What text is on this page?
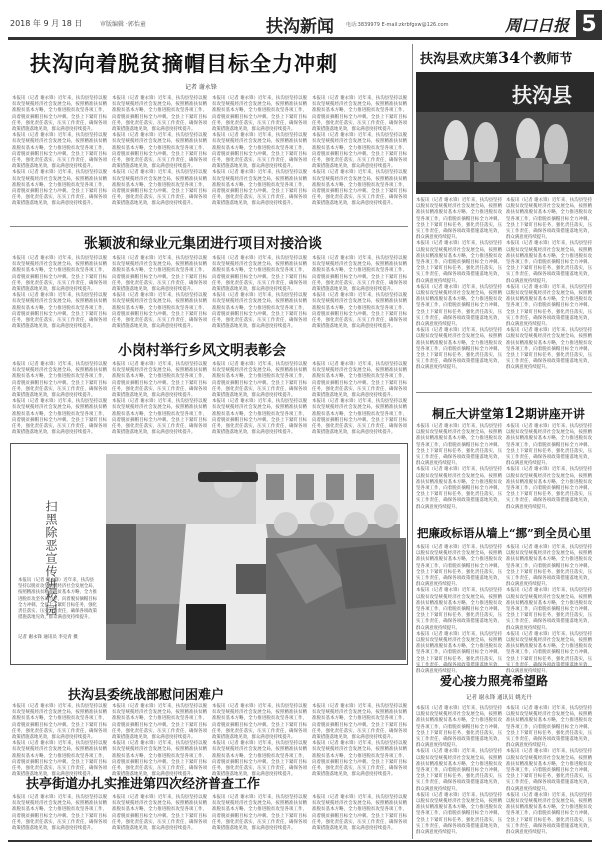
2018 年 9 月 18 日	审版编辑 ·郭怡童	扶沟新闻 电话:3839979 E-mail:zkrbfgxw@126.com	周口日报 5
扶沟向着脱贫摘帽目标全力冲刺
记者 谢永锋

本报讯（记者 谢永锋）近年来，扶沟县坚持以脱贫攻坚统揽经济社会发展全局，按照精准扶贫精准脱贫基本方略，全力推进脱贫攻坚各项工作，向着脱贫摘帽目标全力冲刺。全县上下紧盯目标任务，强化责任落实，压实工作责任，确保各项政策措施落地见效，群众满意度持续提升。

本报讯（记者 谢永锋）近年来，扶沟县坚持以脱贫攻坚统揽经济社会发展全局，按照精准扶贫精准脱贫基本方略，全力推进脱贫攻坚各项工作，向着脱贫摘帽目标全力冲刺。全县上下紧盯目标任务，强化责任落实，压实工作责任，确保各项政策措施落地见效，群众满意度持续提升。

本报讯（记者 谢永锋）近年来，扶沟县坚持以脱贫攻坚统揽经济社会发展全局，按照精准扶贫精准脱贫基本方略，全力推进脱贫攻坚各项工作，向着脱贫摘帽目标全力冲刺。全县上下紧盯目标任务，强化责任落实，压实工作责任，确保各项政策措施落地见效，群众满意度持续提升。

本报讯（记者 谢永锋）近年来，扶沟县坚持以脱贫攻坚统揽经济社会发展全局，按照精准扶贫精准脱贫基本方略，全力推进脱贫攻坚各项工作，向着脱贫摘帽目标全力冲刺。全县上下紧盯目标任务，强化责任落实，压实工作责任，确保各项政策措施落地见效，群众满意度持续提升。

本报讯（记者 谢永锋）近年来，扶沟县坚持以脱贫攻坚统揽经济社会发展全局，按照精准扶贫精准脱贫基本方略，全力推进脱贫攻坚各项工作，向着脱贫摘帽目标全力冲刺。全县上下紧盯目标任务，强化责任落实，压实工作责任，确保各项政策措施落地见效，群众满意度持续提升。

本报讯（记者 谢永锋）近年来，扶沟县坚持以脱贫攻坚统揽经济社会发展全局，按照精准扶贫精准脱贫基本方略，全力推进脱贫攻坚各项工作，向着脱贫摘帽目标全力冲刺。全县上下紧盯目标任务，强化责任落实，压实工作责任，确保各项政策措施落地见效，群众满意度持续提升。

本报讯（记者 谢永锋）近年来，扶沟县坚持以脱贫攻坚统揽经济社会发展全局，按照精准扶贫精准脱贫基本方略，全力推进脱贫攻坚各项工作，向着脱贫摘帽目标全力冲刺。全县上下紧盯目标任务，强化责任落实，压实工作责任，确保各项政策措施落地见效，群众满意度持续提升。

本报讯（记者 谢永锋）近年来，扶沟县坚持以脱贫攻坚统揽经济社会发展全局，按照精准扶贫精准脱贫基本方略，全力推进脱贫攻坚各项工作，向着脱贫摘帽目标全力冲刺。全县上下紧盯目标任务，强化责任落实，压实工作责任，确保各项政策措施落地见效，群众满意度持续提升。

本报讯（记者 谢永锋）近年来，扶沟县坚持以脱贫攻坚统揽经济社会发展全局，按照精准扶贫精准脱贫基本方略，全力推进脱贫攻坚各项工作，向着脱贫摘帽目标全力冲刺。全县上下紧盯目标任务，强化责任落实，压实工作责任，确保各项政策措施落地见效，群众满意度持续提升。

本报讯（记者 谢永锋）近年来，扶沟县坚持以脱贫攻坚统揽经济社会发展全局，按照精准扶贫精准脱贫基本方略，全力推进脱贫攻坚各项工作，向着脱贫摘帽目标全力冲刺。全县上下紧盯目标任务，强化责任落实，压实工作责任，确保各项政策措施落地见效，群众满意度持续提升。

本报讯（记者 谢永锋）近年来，扶沟县坚持以脱贫攻坚统揽经济社会发展全局，按照精准扶贫精准脱贫基本方略，全力推进脱贫攻坚各项工作，向着脱贫摘帽目标全力冲刺。全县上下紧盯目标任务，强化责任落实，压实工作责任，确保各项政策措施落地见效，群众满意度持续提升。

本报讯（记者 谢永锋）近年来，扶沟县坚持以脱贫攻坚统揽经济社会发展全局，按照精准扶贫精准脱贫基本方略，全力推进脱贫攻坚各项工作，向着脱贫摘帽目标全力冲刺。全县上下紧盯目标任务，强化责任落实，压实工作责任，确保各项政策措施落地见效，群众满意度持续提升。

张颖波和绿业元集团进行项目对接洽谈

本报讯（记者 谢永锋）近年来，扶沟县坚持以脱贫攻坚统揽经济社会发展全局，按照精准扶贫精准脱贫基本方略，全力推进脱贫攻坚各项工作，向着脱贫摘帽目标全力冲刺。全县上下紧盯目标任务，强化责任落实，压实工作责任，确保各项政策措施落地见效，群众满意度持续提升。

本报讯（记者 谢永锋）近年来，扶沟县坚持以脱贫攻坚统揽经济社会发展全局，按照精准扶贫精准脱贫基本方略，全力推进脱贫攻坚各项工作，向着脱贫摘帽目标全力冲刺。全县上下紧盯目标任务，强化责任落实，压实工作责任，确保各项政策措施落地见效，群众满意度持续提升。

本报讯（记者 谢永锋）近年来，扶沟县坚持以脱贫攻坚统揽经济社会发展全局，按照精准扶贫精准脱贫基本方略，全力推进脱贫攻坚各项工作，向着脱贫摘帽目标全力冲刺。全县上下紧盯目标任务，强化责任落实，压实工作责任，确保各项政策措施落地见效，群众满意度持续提升。

本报讯（记者 谢永锋）近年来，扶沟县坚持以脱贫攻坚统揽经济社会发展全局，按照精准扶贫精准脱贫基本方略，全力推进脱贫攻坚各项工作，向着脱贫摘帽目标全力冲刺。全县上下紧盯目标任务，强化责任落实，压实工作责任，确保各项政策措施落地见效，群众满意度持续提升。

本报讯（记者 谢永锋）近年来，扶沟县坚持以脱贫攻坚统揽经济社会发展全局，按照精准扶贫精准脱贫基本方略，全力推进脱贫攻坚各项工作，向着脱贫摘帽目标全力冲刺。全县上下紧盯目标任务，强化责任落实，压实工作责任，确保各项政策措施落地见效，群众满意度持续提升。

本报讯（记者 谢永锋）近年来，扶沟县坚持以脱贫攻坚统揽经济社会发展全局，按照精准扶贫精准脱贫基本方略，全力推进脱贫攻坚各项工作，向着脱贫摘帽目标全力冲刺。全县上下紧盯目标任务，强化责任落实，压实工作责任，确保各项政策措施落地见效，群众满意度持续提升。

本报讯（记者 谢永锋）近年来，扶沟县坚持以脱贫攻坚统揽经济社会发展全局，按照精准扶贫精准脱贫基本方略，全力推进脱贫攻坚各项工作，向着脱贫摘帽目标全力冲刺。全县上下紧盯目标任务，强化责任落实，压实工作责任，确保各项政策措施落地见效，群众满意度持续提升。

本报讯（记者 谢永锋）近年来，扶沟县坚持以脱贫攻坚统揽经济社会发展全局，按照精准扶贫精准脱贫基本方略，全力推进脱贫攻坚各项工作，向着脱贫摘帽目标全力冲刺。全县上下紧盯目标任务，强化责任落实，压实工作责任，确保各项政策措施落地见效，群众满意度持续提升。

小岗村举行乡风文明表彰会

本报讯（记者 谢永锋）近年来，扶沟县坚持以脱贫攻坚统揽经济社会发展全局，按照精准扶贫精准脱贫基本方略，全力推进脱贫攻坚各项工作，向着脱贫摘帽目标全力冲刺。全县上下紧盯目标任务，强化责任落实，压实工作责任，确保各项政策措施落地见效，群众满意度持续提升。

本报讯（记者 谢永锋）近年来，扶沟县坚持以脱贫攻坚统揽经济社会发展全局，按照精准扶贫精准脱贫基本方略，全力推进脱贫攻坚各项工作，向着脱贫摘帽目标全力冲刺。全县上下紧盯目标任务，强化责任落实，压实工作责任，确保各项政策措施落地见效，群众满意度持续提升。

本报讯（记者 谢永锋）近年来，扶沟县坚持以脱贫攻坚统揽经济社会发展全局，按照精准扶贫精准脱贫基本方略，全力推进脱贫攻坚各项工作，向着脱贫摘帽目标全力冲刺。全县上下紧盯目标任务，强化责任落实，压实工作责任，确保各项政策措施落地见效，群众满意度持续提升。

本报讯（记者 谢永锋）近年来，扶沟县坚持以脱贫攻坚统揽经济社会发展全局，按照精准扶贫精准脱贫基本方略，全力推进脱贫攻坚各项工作，向着脱贫摘帽目标全力冲刺。全县上下紧盯目标任务，强化责任落实，压实工作责任，确保各项政策措施落地见效，群众满意度持续提升。

本报讯（记者 谢永锋）近年来，扶沟县坚持以脱贫攻坚统揽经济社会发展全局，按照精准扶贫精准脱贫基本方略，全力推进脱贫攻坚各项工作，向着脱贫摘帽目标全力冲刺。全县上下紧盯目标任务，强化责任落实，压实工作责任，确保各项政策措施落地见效，群众满意度持续提升。

本报讯（记者 谢永锋）近年来，扶沟县坚持以脱贫攻坚统揽经济社会发展全局，按照精准扶贫精准脱贫基本方略，全力推进脱贫攻坚各项工作，向着脱贫摘帽目标全力冲刺。全县上下紧盯目标任务，强化责任落实，压实工作责任，确保各项政策措施落地见效，群众满意度持续提升。

本报讯（记者 谢永锋）近年来，扶沟县坚持以脱贫攻坚统揽经济社会发展全局，按照精准扶贫精准脱贫基本方略，全力推进脱贫攻坚各项工作，向着脱贫摘帽目标全力冲刺。全县上下紧盯目标任务，强化责任落实，压实工作责任，确保各项政策措施落地见效，群众满意度持续提升。

本报讯（记者 谢永锋）近年来，扶沟县坚持以脱贫攻坚统揽经济社会发展全局，按照精准扶贫精准脱贫基本方略，全力推进脱贫攻坚各项工作，向着脱贫摘帽目标全力冲刺。全县上下紧盯目标任务，强化责任落实，压实工作责任，确保各项政策措施落地见效，群众满意度持续提升。

扫黑除恶宣传进校园

本报讯（记者 谢永锋）近年来，扶沟县坚持以脱贫攻坚统揽经济社会发展全局，按照精准扶贫精准脱贫基本方略，全力推进脱贫攻坚各项工作，向着脱贫摘帽目标全力冲刺。全县上下紧盯目标任务，强化责任落实，压实工作责任，确保各项政策措施落地见效，群众满意度持续提升。

记者 谢永锋 通讯员 李克青 摄
扶沟县委统战部慰问困难户

本报讯（记者 谢永锋）近年来，扶沟县坚持以脱贫攻坚统揽经济社会发展全局，按照精准扶贫精准脱贫基本方略，全力推进脱贫攻坚各项工作，向着脱贫摘帽目标全力冲刺。全县上下紧盯目标任务，强化责任落实，压实工作责任，确保各项政策措施落地见效，群众满意度持续提升。

本报讯（记者 谢永锋）近年来，扶沟县坚持以脱贫攻坚统揽经济社会发展全局，按照精准扶贫精准脱贫基本方略，全力推进脱贫攻坚各项工作，向着脱贫摘帽目标全力冲刺。全县上下紧盯目标任务，强化责任落实，压实工作责任，确保各项政策措施落地见效，群众满意度持续提升。

本报讯（记者 谢永锋）近年来，扶沟县坚持以脱贫攻坚统揽经济社会发展全局，按照精准扶贫精准脱贫基本方略，全力推进脱贫攻坚各项工作，向着脱贫摘帽目标全力冲刺。全县上下紧盯目标任务，强化责任落实，压实工作责任，确保各项政策措施落地见效，群众满意度持续提升。

本报讯（记者 谢永锋）近年来，扶沟县坚持以脱贫攻坚统揽经济社会发展全局，按照精准扶贫精准脱贫基本方略，全力推进脱贫攻坚各项工作，向着脱贫摘帽目标全力冲刺。全县上下紧盯目标任务，强化责任落实，压实工作责任，确保各项政策措施落地见效，群众满意度持续提升。

本报讯（记者 谢永锋）近年来，扶沟县坚持以脱贫攻坚统揽经济社会发展全局，按照精准扶贫精准脱贫基本方略，全力推进脱贫攻坚各项工作，向着脱贫摘帽目标全力冲刺。全县上下紧盯目标任务，强化责任落实，压实工作责任，确保各项政策措施落地见效，群众满意度持续提升。

本报讯（记者 谢永锋）近年来，扶沟县坚持以脱贫攻坚统揽经济社会发展全局，按照精准扶贫精准脱贫基本方略，全力推进脱贫攻坚各项工作，向着脱贫摘帽目标全力冲刺。全县上下紧盯目标任务，强化责任落实，压实工作责任，确保各项政策措施落地见效，群众满意度持续提升。

本报讯（记者 谢永锋）近年来，扶沟县坚持以脱贫攻坚统揽经济社会发展全局，按照精准扶贫精准脱贫基本方略，全力推进脱贫攻坚各项工作，向着脱贫摘帽目标全力冲刺。全县上下紧盯目标任务，强化责任落实，压实工作责任，确保各项政策措施落地见效，群众满意度持续提升。

本报讯（记者 谢永锋）近年来，扶沟县坚持以脱贫攻坚统揽经济社会发展全局，按照精准扶贫精准脱贫基本方略，全力推进脱贫攻坚各项工作，向着脱贫摘帽目标全力冲刺。全县上下紧盯目标任务，强化责任落实，压实工作责任，确保各项政策措施落地见效，群众满意度持续提升。

扶亭街道办扎实推进第四次经济普查工作

本报讯（记者 谢永锋）近年来，扶沟县坚持以脱贫攻坚统揽经济社会发展全局，按照精准扶贫精准脱贫基本方略，全力推进脱贫攻坚各项工作，向着脱贫摘帽目标全力冲刺。全县上下紧盯目标任务，强化责任落实，压实工作责任，确保各项政策措施落地见效，群众满意度持续提升。

本报讯（记者 谢永锋）近年来，扶沟县坚持以脱贫攻坚统揽经济社会发展全局，按照精准扶贫精准脱贫基本方略，全力推进脱贫攻坚各项工作，向着脱贫摘帽目标全力冲刺。全县上下紧盯目标任务，强化责任落实，压实工作责任，确保各项政策措施落地见效，群众满意度持续提升。

本报讯（记者 谢永锋）近年来，扶沟县坚持以脱贫攻坚统揽经济社会发展全局，按照精准扶贫精准脱贫基本方略，全力推进脱贫攻坚各项工作，向着脱贫摘帽目标全力冲刺。全县上下紧盯目标任务，强化责任落实，压实工作责任，确保各项政策措施落地见效，群众满意度持续提升。

本报讯（记者 谢永锋）近年来，扶沟县坚持以脱贫攻坚统揽经济社会发展全局，按照精准扶贫精准脱贫基本方略，全力推进脱贫攻坚各项工作，向着脱贫摘帽目标全力冲刺。全县上下紧盯目标任务，强化责任落实，压实工作责任，确保各项政策措施落地见效，群众满意度持续提升。

扶沟县欢庆第34个教师节
扶沟县

本报讯（记者 谢永锋）近年来，扶沟县坚持以脱贫攻坚统揽经济社会发展全局，按照精准扶贫精准脱贫基本方略，全力推进脱贫攻坚各项工作，向着脱贫摘帽目标全力冲刺。全县上下紧盯目标任务，强化责任落实，压实工作责任，确保各项政策措施落地见效，群众满意度持续提升。

本报讯（记者 谢永锋）近年来，扶沟县坚持以脱贫攻坚统揽经济社会发展全局，按照精准扶贫精准脱贫基本方略，全力推进脱贫攻坚各项工作，向着脱贫摘帽目标全力冲刺。全县上下紧盯目标任务，强化责任落实，压实工作责任，确保各项政策措施落地见效，群众满意度持续提升。

本报讯（记者 谢永锋）近年来，扶沟县坚持以脱贫攻坚统揽经济社会发展全局，按照精准扶贫精准脱贫基本方略，全力推进脱贫攻坚各项工作，向着脱贫摘帽目标全力冲刺。全县上下紧盯目标任务，强化责任落实，压实工作责任，确保各项政策措施落地见效，群众满意度持续提升。

本报讯（记者 谢永锋）近年来，扶沟县坚持以脱贫攻坚统揽经济社会发展全局，按照精准扶贫精准脱贫基本方略，全力推进脱贫攻坚各项工作，向着脱贫摘帽目标全力冲刺。全县上下紧盯目标任务，强化责任落实，压实工作责任，确保各项政策措施落地见效，群众满意度持续提升。

本报讯（记者 谢永锋）近年来，扶沟县坚持以脱贫攻坚统揽经济社会发展全局，按照精准扶贫精准脱贫基本方略，全力推进脱贫攻坚各项工作，向着脱贫摘帽目标全力冲刺。全县上下紧盯目标任务，强化责任落实，压实工作责任，确保各项政策措施落地见效，群众满意度持续提升。

本报讯（记者 谢永锋）近年来，扶沟县坚持以脱贫攻坚统揽经济社会发展全局，按照精准扶贫精准脱贫基本方略，全力推进脱贫攻坚各项工作，向着脱贫摘帽目标全力冲刺。全县上下紧盯目标任务，强化责任落实，压实工作责任，确保各项政策措施落地见效，群众满意度持续提升。

本报讯（记者 谢永锋）近年来，扶沟县坚持以脱贫攻坚统揽经济社会发展全局，按照精准扶贫精准脱贫基本方略，全力推进脱贫攻坚各项工作，向着脱贫摘帽目标全力冲刺。全县上下紧盯目标任务，强化责任落实，压实工作责任，确保各项政策措施落地见效，群众满意度持续提升。

本报讯（记者 谢永锋）近年来，扶沟县坚持以脱贫攻坚统揽经济社会发展全局，按照精准扶贫精准脱贫基本方略，全力推进脱贫攻坚各项工作，向着脱贫摘帽目标全力冲刺。全县上下紧盯目标任务，强化责任落实，压实工作责任，确保各项政策措施落地见效，群众满意度持续提升。

桐丘大讲堂第12期讲座开讲

本报讯（记者 谢永锋）近年来，扶沟县坚持以脱贫攻坚统揽经济社会发展全局，按照精准扶贫精准脱贫基本方略，全力推进脱贫攻坚各项工作，向着脱贫摘帽目标全力冲刺。全县上下紧盯目标任务，强化责任落实，压实工作责任，确保各项政策措施落地见效，群众满意度持续提升。

本报讯（记者 谢永锋）近年来，扶沟县坚持以脱贫攻坚统揽经济社会发展全局，按照精准扶贫精准脱贫基本方略，全力推进脱贫攻坚各项工作，向着脱贫摘帽目标全力冲刺。全县上下紧盯目标任务，强化责任落实，压实工作责任，确保各项政策措施落地见效，群众满意度持续提升。

本报讯（记者 谢永锋）近年来，扶沟县坚持以脱贫攻坚统揽经济社会发展全局，按照精准扶贫精准脱贫基本方略，全力推进脱贫攻坚各项工作，向着脱贫摘帽目标全力冲刺。全县上下紧盯目标任务，强化责任落实，压实工作责任，确保各项政策措施落地见效，群众满意度持续提升。

本报讯（记者 谢永锋）近年来，扶沟县坚持以脱贫攻坚统揽经济社会发展全局，按照精准扶贫精准脱贫基本方略，全力推进脱贫攻坚各项工作，向着脱贫摘帽目标全力冲刺。全县上下紧盯目标任务，强化责任落实，压实工作责任，确保各项政策措施落地见效，群众满意度持续提升。

把廉政标语从墙上“挪”到全员心里

本报讯（记者 谢永锋）近年来，扶沟县坚持以脱贫攻坚统揽经济社会发展全局，按照精准扶贫精准脱贫基本方略，全力推进脱贫攻坚各项工作，向着脱贫摘帽目标全力冲刺。全县上下紧盯目标任务，强化责任落实，压实工作责任，确保各项政策措施落地见效，群众满意度持续提升。

本报讯（记者 谢永锋）近年来，扶沟县坚持以脱贫攻坚统揽经济社会发展全局，按照精准扶贫精准脱贫基本方略，全力推进脱贫攻坚各项工作，向着脱贫摘帽目标全力冲刺。全县上下紧盯目标任务，强化责任落实，压实工作责任，确保各项政策措施落地见效，群众满意度持续提升。

本报讯（记者 谢永锋）近年来，扶沟县坚持以脱贫攻坚统揽经济社会发展全局，按照精准扶贫精准脱贫基本方略，全力推进脱贫攻坚各项工作，向着脱贫摘帽目标全力冲刺。全县上下紧盯目标任务，强化责任落实，压 群众满意度持续提升。

本报讯（记者 谢永锋）近年来，扶沟县坚持以脱贫攻坚统揽经济社会发展全局，按照精准扶贫精准脱贫基本方略，全力推进脱贫攻坚各项工作，向着脱贫摘帽目标全力冲刺。全县上下紧盯目标任务，强化责任落实，压实工作责任，确保各项政策措施落地见效，群众满意度持续提升。

本报讯（记者 谢永锋）近年来，扶沟县坚持以脱贫攻坚统揽经济社会发展全局，按照精准扶贫精准脱贫基本方略，全力推进脱贫攻坚各项工作，向着脱贫摘帽目标全力冲刺。全县上下紧盯目标任务，强化责任落实，压实工作责任，确保各项政策措施落地见效，群众满意度持续提升。

本报讯（记者 谢永锋）近年来，扶沟县坚持以脱贫攻坚统揽经济社会发展全局，按照精准扶贫精准脱贫基本方略，全力推进脱贫攻坚各项工作，向着脱贫摘帽目标全力冲刺。全县上下紧盯目标任务，强化责任落实，压 群众满意度持续提升。

爱心接力照亮希望路
记者 谢永锋 通讯员 姚光丹

本报讯（记者 谢永锋）近年来，扶沟县坚持以脱贫攻坚统揽经济社会发展全局，按照精准扶贫精准脱贫基本方略，全力推进脱贫攻坚各项工作，向着脱贫摘帽目标全力冲刺。全县上下紧盯目标任务，强化责任落实，压实工作责任，确保各项政策措施落地见效，群众满意度持续提升。

本报讯（记者 谢永锋）近年来，扶沟县坚持以脱贫攻坚统揽经济社会发展全局，按照精准扶贫精准脱贫基本方略，全力推进脱贫攻坚各项工作，向着脱贫摘帽目标全力冲刺。全县上下紧盯目标任务，强化责任落实，压实工作责任，确保各项政策措施落地见效，群众满意度持续提升。

本报讯（记者 谢永锋）近年来，扶沟县坚持以脱贫攻坚统揽经济社会发展全局，按照精准扶贫精准脱贫基本方略，全力推进脱贫攻坚各项工作，向着脱贫摘帽目标全力冲刺。全县上下紧盯目标任务，强化责任落实，压实工作责任，确保各项政策措施落地见效，群众满意度持续提升。

本报讯（记者 谢永锋）近年来，扶沟县坚持以脱贫攻坚统揽经济社会发展全局，按照精准扶贫精准脱贫基本方略，全力推进脱贫攻坚各项工作，向着脱贫摘帽目标全力冲刺。全县上下紧盯目标任务，强化责任落实，压实工作责任，确保各项政策措施落地见效，群众满意度持续提升。

本报讯（记者 谢永锋）近年来，扶沟县坚持以脱贫攻坚统揽经济社会发展全局，按照精准扶贫精准脱贫基本方略，全力推进脱贫攻坚各项工作，向着脱贫摘帽目标全力冲刺。全县上下紧盯目标任务，强化责任落实，压实工作责任，确保各项政策措施落地见效，群众满意度持续提升。

本报讯（记者 谢永锋）近年来，扶沟县坚持以脱贫攻坚统揽经济社会发展全局，按照精准扶贫精准脱贫基本方略，全力推进脱贫攻坚各项工作，向着脱贫摘帽目标全力冲刺。全县上下紧盯目标任务，强化责任落实，压实工作责任，确保各项政策措施落地见效，群众满意度持续提升。
